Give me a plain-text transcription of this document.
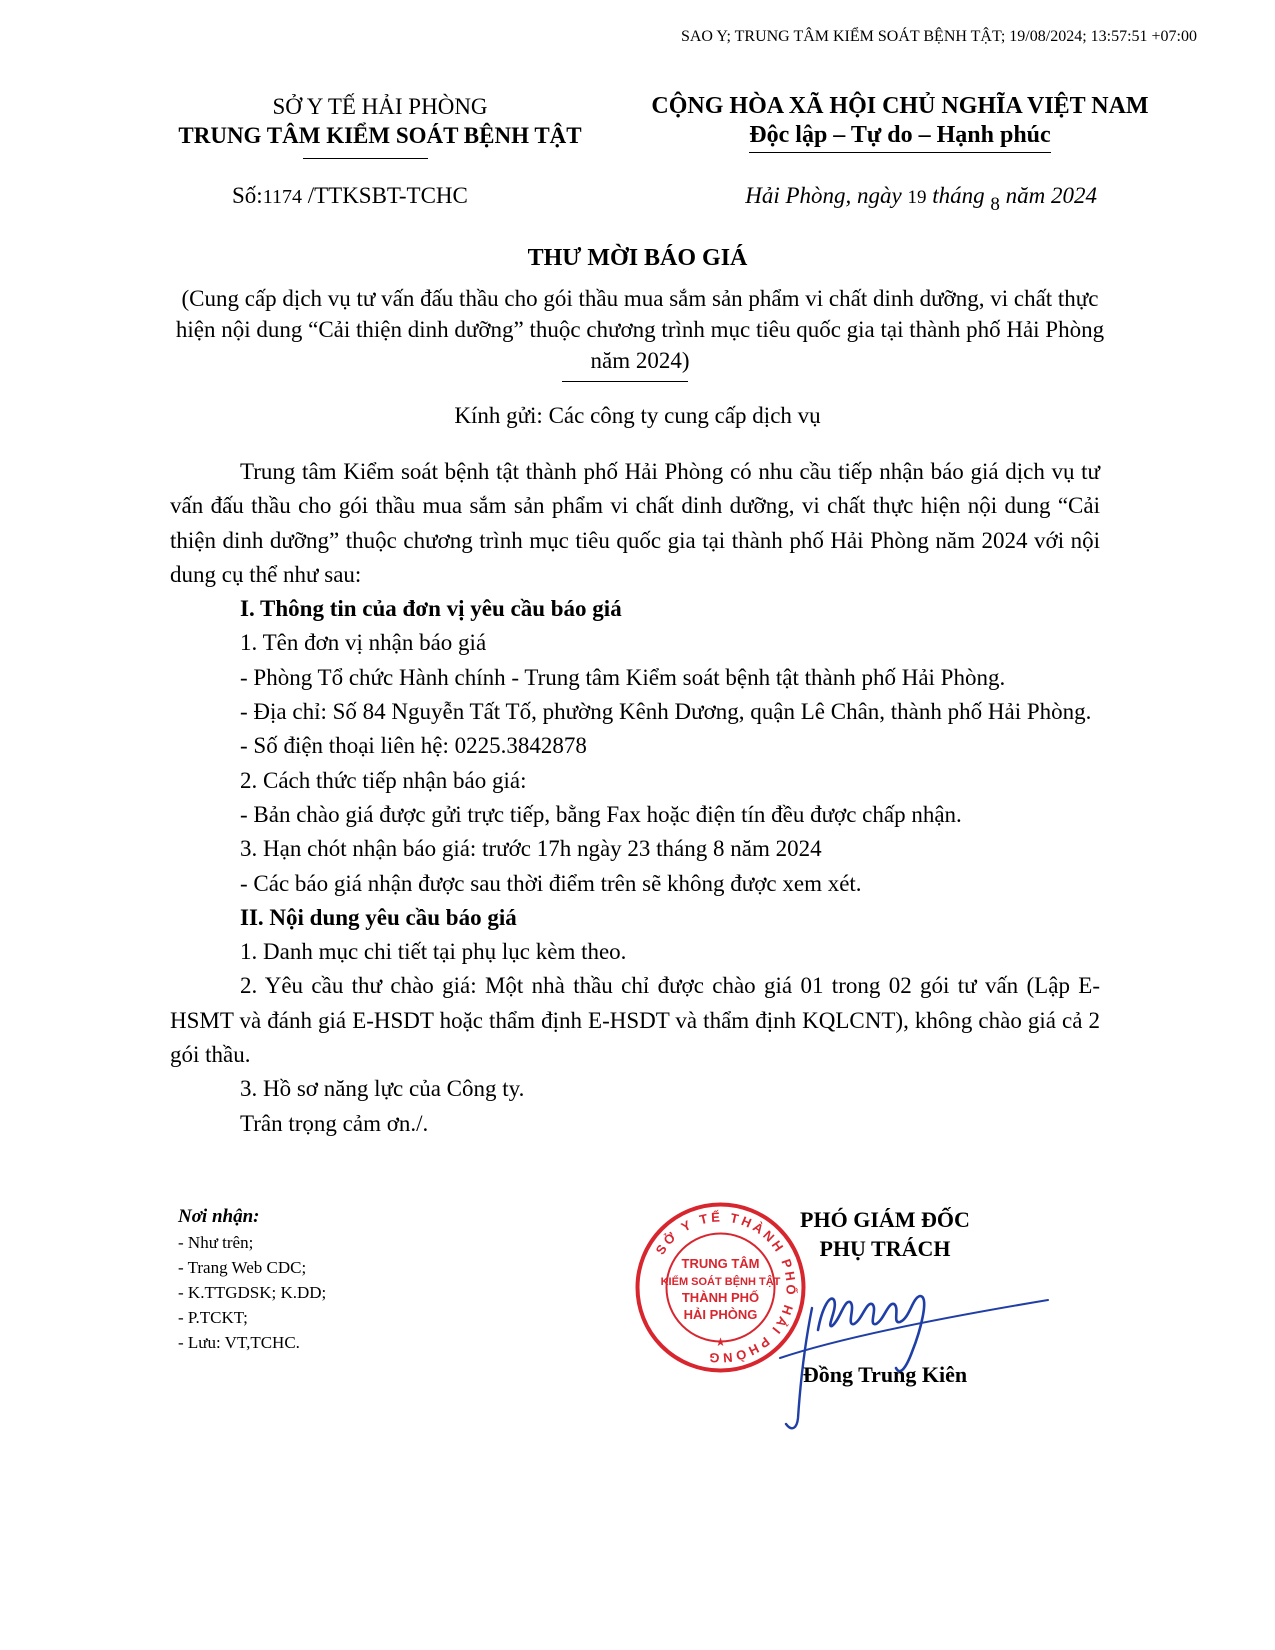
SAO Y; TRUNG TÂM KIỂM SOÁT BỆNH TẬT; 19/08/2024; 13:57:51 +07:00
SỞ Y TẾ HẢI PHÒNG
TRUNG TÂM KIỂM SOÁT BỆNH TẬT
CỘNG HÒA XÃ HỘI CHỦ NGHĨA VIỆT NAM
Độc lập – Tự do – Hạnh phúc
Số:1174 /TTKSBT-TCHC	Hải Phòng, ngày 19 tháng 8 năm 2024
THƯ MỜI BÁO GIÁ
(Cung cấp dịch vụ tư vấn đấu thầu cho gói thầu mua sắm sản phẩm vi chất dinh dưỡng, vi chất thực hiện nội dung “Cải thiện dinh dưỡng” thuộc chương trình mục tiêu quốc gia tại thành phố Hải Phòng năm 2024)
Kính gửi: Các công ty cung cấp dịch vụ

Trung tâm Kiểm soát bệnh tật thành phố Hải Phòng có nhu cầu tiếp nhận báo giá dịch vụ tư vấn đấu thầu cho gói thầu mua sắm sản phẩm vi chất dinh dưỡng, vi chất thực hiện nội dung “Cải thiện dinh dưỡng” thuộc chương trình mục tiêu quốc gia tại thành phố Hải Phòng năm 2024 với nội dung cụ thể như sau:

I. Thông tin của đơn vị yêu cầu báo giá

1. Tên đơn vị nhận báo giá

- Phòng Tổ chức Hành chính - Trung tâm Kiểm soát bệnh tật thành phố Hải Phòng.

- Địa chỉ: Số 84 Nguyễn Tất Tố, phường Kênh Dương, quận Lê Chân, thành phố Hải Phòng.

- Số điện thoại liên hệ: 0225.3842878

2. Cách thức tiếp nhận báo giá:

- Bản chào giá được gửi trực tiếp, bằng Fax hoặc điện tín đều được chấp nhận.

3. Hạn chót nhận báo giá: trước 17h ngày 23 tháng 8 năm 2024

- Các báo giá nhận được sau thời điểm trên sẽ không được xem xét.

II. Nội dung yêu cầu báo giá

1. Danh mục chi tiết tại phụ lục kèm theo.

2. Yêu cầu thư chào giá: Một nhà thầu chỉ được chào giá 01 trong 02 gói tư vấn (Lập E-HSMT và đánh giá E-HSDT hoặc thẩm định E-HSDT và thẩm định KQLCNT), không chào giá cả 2 gói thầu.

3. Hồ sơ năng lực của Công ty.

Trân trọng cảm ơn./.

Nơi nhận:
- Như trên;
- Trang Web CDC;
- K.TTGDSK; K.DD;
- P.TCKT;
- Lưu: VT,TCHC.
PHÓ GIÁM ĐỐC
PHỤ TRÁCH
SỞ Y TẾ THÀNH PHỐ HẢI PHÒNG
★
TRUNG TÂM
KIỂM SOÁT BỆNH TẬT
THÀNH PHỐ
HẢI PHÒNG
Đồng Trung Kiên
